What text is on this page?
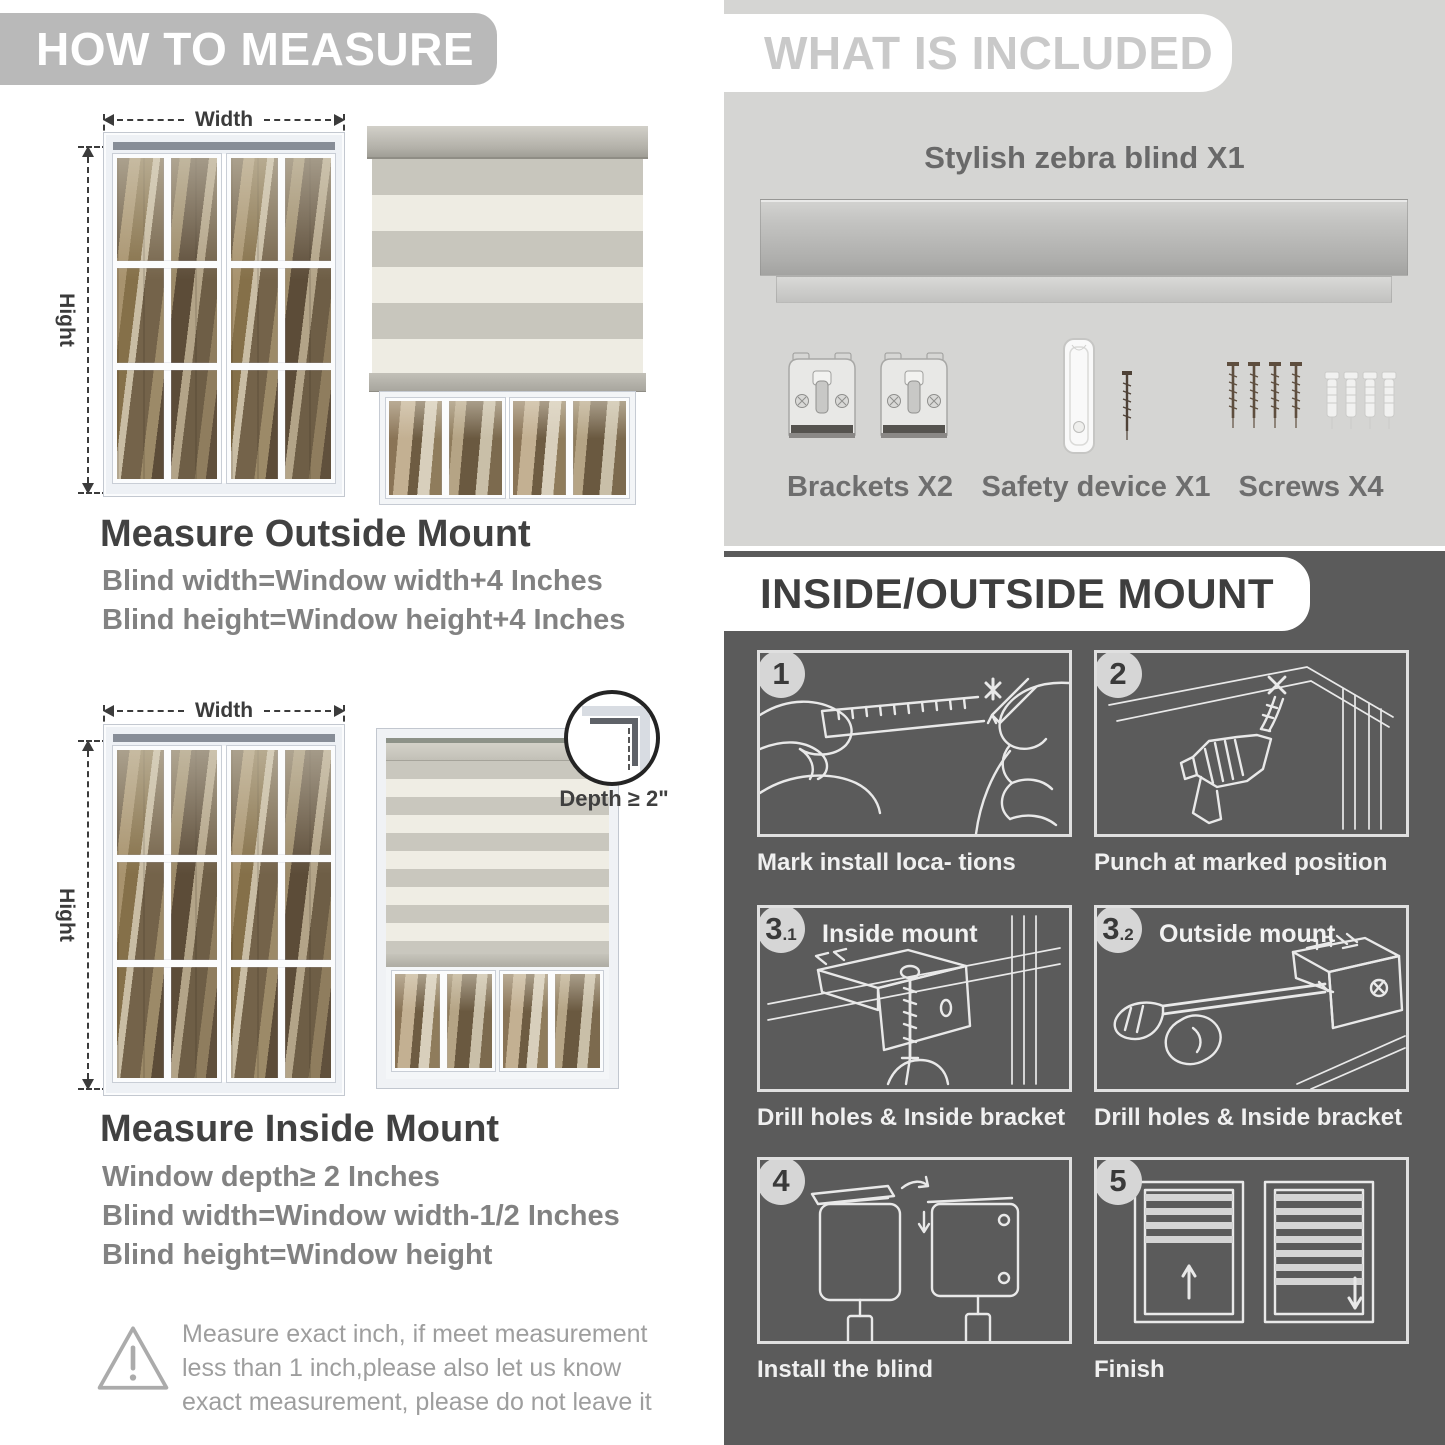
HOW TO MEASURE
Width
Hight
Measure Outside Mount
Blind width=Window width+4 Inches
Blind height=Window height+4 Inches
Width
Hight
Depth ≥ 2"
Measure Inside Mount
Window depth≥ 2 Inches
Blind width=Window width-1/2 Inches
Blind height=Window height
Measure exact inch, if meet measurement less than 1 inch,please also let us know exact measurement, please do not leave it
WHAT IS INCLUDED
Stylish zebra blind X1
Brackets X2 Safety device X1 Screws X4
INSIDE/OUTSIDE MOUNT
1
Mark install loca- tions
2
Punch at marked position
3 .1 Inside mount
Drill holes & Inside bracket
3 .2 Outside mount
Drill holes & Inside bracket
4
Install the blind
5
Finish
